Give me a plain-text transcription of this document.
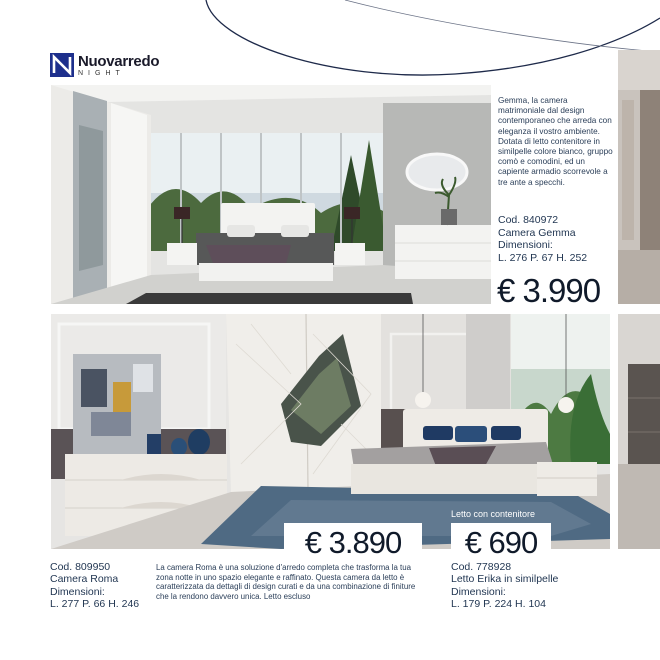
Nuovarredo
NIGHT
Gemma, la camera matrimoniale dal design contemporaneo che arreda con eleganza il vostro ambiente. Dotata di letto contenitore in similpelle colore bianco, gruppo comò e comodini, ed un capiente armadio scorrevole a tre ante a specchi.
Cod. 840972
Camera Gemma
Dimensioni:
L. 276 P. 67 H. 252
€ 3.990
Letto con contenitore
€ 3.890	€ 690
Cod. 809950
Camera Roma
Dimensioni:
L. 277 P. 66 H. 246
La camera Roma è una soluzione d'arredo completa che trasforma la tua zona notte in uno spazio elegante e raffinato. Questa camera da letto è caratterizzata da dettagli di design curati e da una combinazione di finiture che la rendono davvero unica. Letto escluso
Cod. 778928
Letto Erika in similpelle
Dimensioni:
L. 179 P. 224 H. 104
